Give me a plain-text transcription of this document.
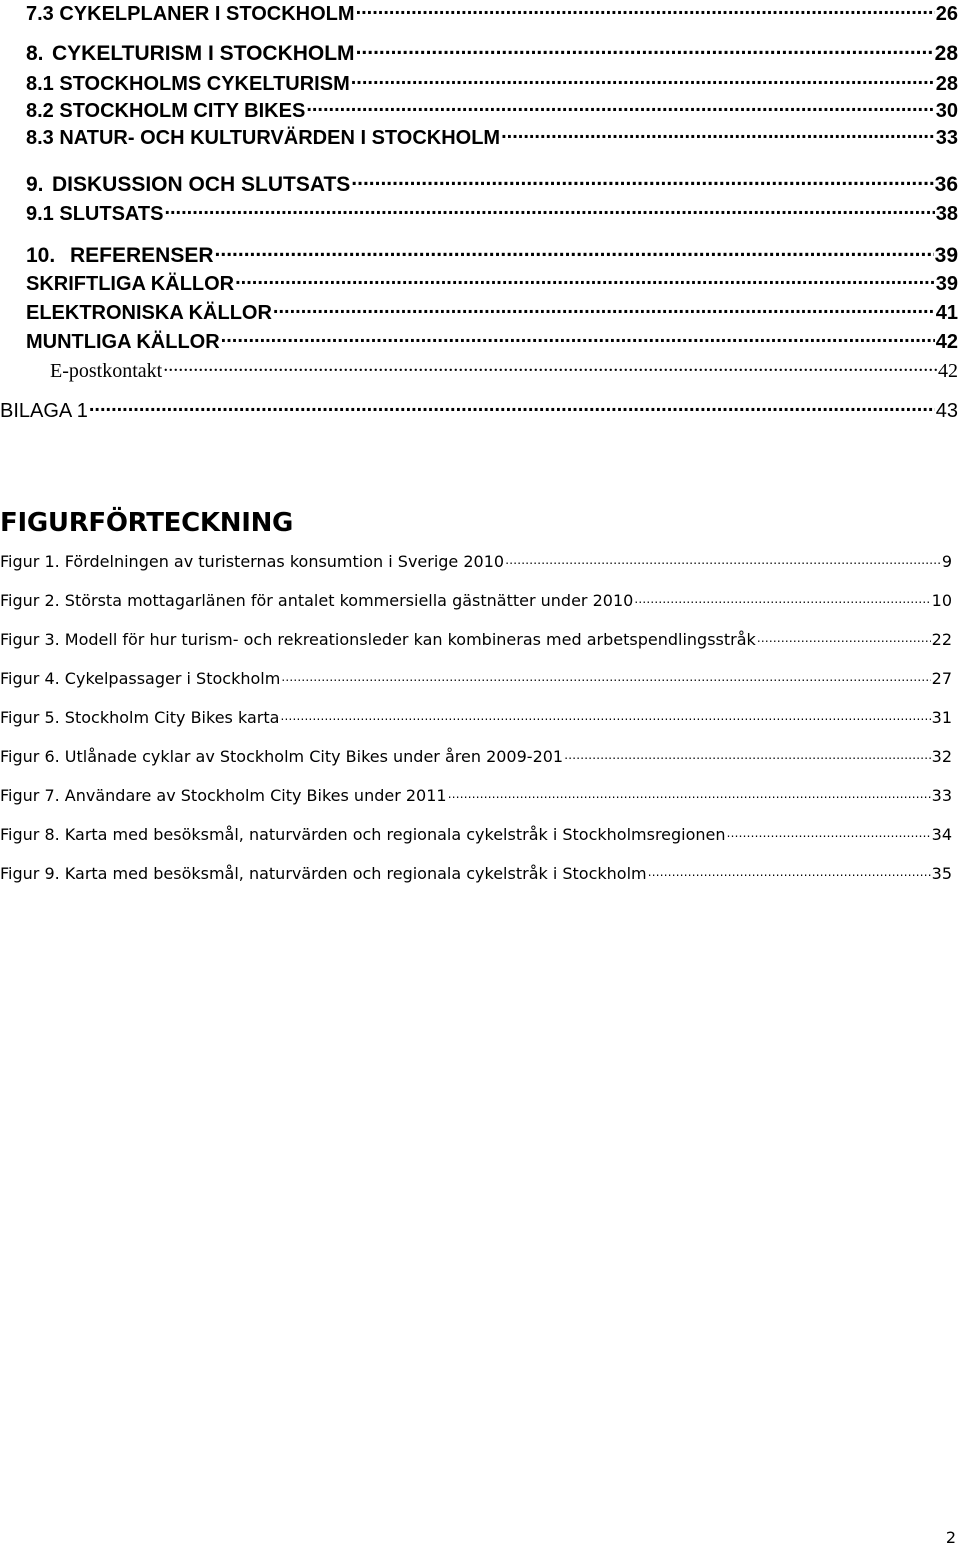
7.3 CYKELPLANER I STOCKHOLM .....	26
8. CYKELTURISM I STOCKHOLM .....	28
8.1 STOCKHOLMS CYKELTURISM .....	28
8.2 STOCKHOLM CITY BIKES .....	30
8.3 NATUR- OCH KULTURVÄRDEN I STOCKHOLM .....	33
9. DISKUSSION OCH SLUTSATS .....	36
9.1 SLUTSATS .....	38
10. REFERENSER .....	39
SKRIFTLIGA KÄLLOR .....	39
ELEKTRONISKA KÄLLOR .....	41
MUNTLIGA KÄLLOR .....	42
E-postkontakt .....	42
BILAGA 1 .....	43
FIGURFÖRTECKNING
Figur 1. Fördelningen av turisternas konsumtion i Sverige 2010 …………………………………………………………………………………………………………………………………………………………………………………………………………………………	9
Figur 2. Största mottagarlänen för antalet kommersiella gästnätter under 2010 …………………………………………………………………………………………………………………………………………………………………………………………………………………………	10
Figur 3. Modell för hur turism- och rekreationsleder kan kombineras med arbetspendlingsstråk …………………………………………………………………………………………………………………………………………………………………………………………………………………………	22
Figur 4. Cykelpassager i Stockholm …………………………………………………………………………………………………………………………………………………………………………………………………………………………	27
Figur 5. Stockholm City Bikes karta …………………………………………………………………………………………………………………………………………………………………………………………………………………………	31
Figur 6. Utlånade cyklar av Stockholm City Bikes under åren 2009-201 …………………………………………………………………………………………………………………………………………………………………………………………………………………………	32
Figur 7. Användare av Stockholm City Bikes under 2011 …………………………………………………………………………………………………………………………………………………………………………………………………………………………	33
Figur 8. Karta med besöksmål, naturvärden och regionala cykelstråk i Stockholmsregionen …………………………………………………………………………………………………………………………………………………………………………………………………………………………	34
Figur 9. Karta med besöksmål, naturvärden och regionala cykelstråk i Stockholm …………………………………………………………………………………………………………………………………………………………………………………………………………………………	35
2
